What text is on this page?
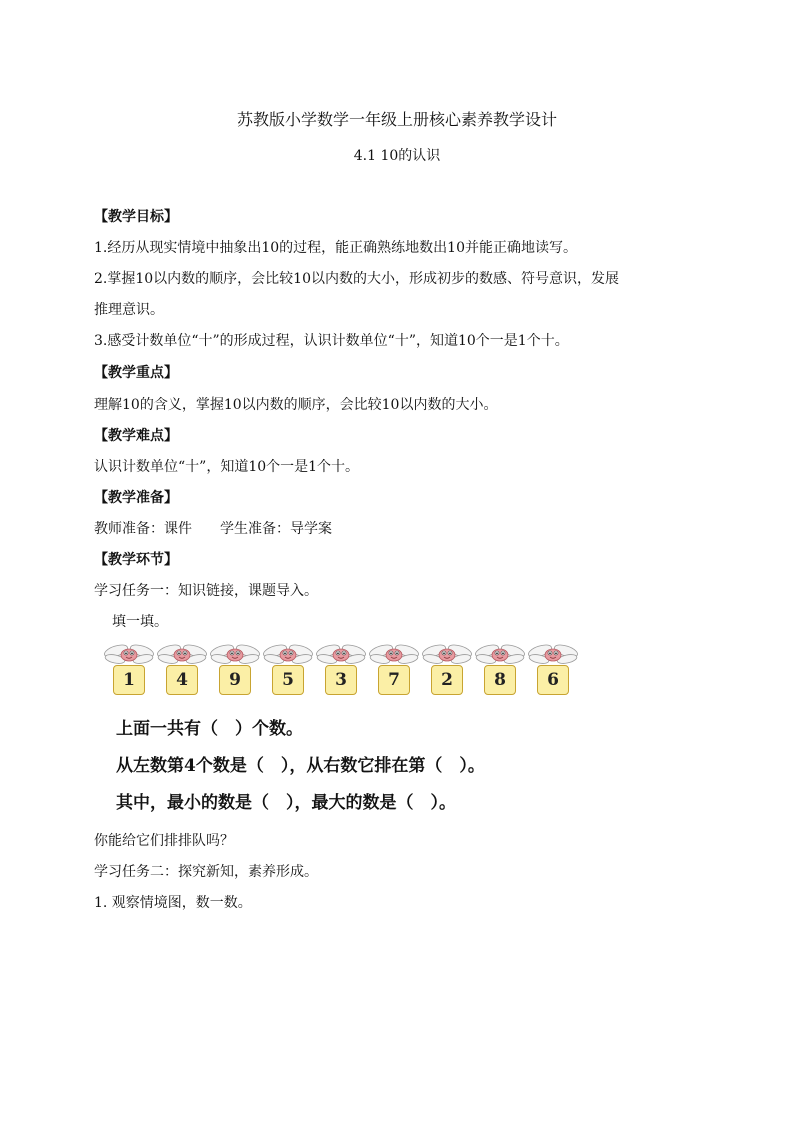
苏教版小学数学一年级上册核心素养教学设计
4.1 10的认识
【教学目标】
1.经历从现实情境中抽象出10的过程，能正确熟练地数出10并能正确地读写。
2.掌握10以内数的顺序，会比较10以内数的大小，形成初步的数感、符号意识，发展
推理意识。
3.感受计数单位“十”的形成过程，认识计数单位“十”，知道10个一是1个十。
【教学重点】
理解10的含义，掌握10以内数的顺序，会比较10以内数的大小。
【教学难点】
认识计数单位“十”，知道10个一是1个十。
【教学准备】
教师准备：课件　　学生准备：导学案
【教学环节】
学习任务一：知识链接，课题导入。
填一填。
1	4	9	5	3	7	2	8	6
上面一共有（　）个数。
从左数第4个数是（　），从右数它排在第（　）。
其中，最小的数是（　），最大的数是（　）。
你能给它们排排队吗？
学习任务二：探究新知，素养形成。
1. 观察情境图，数一数。
